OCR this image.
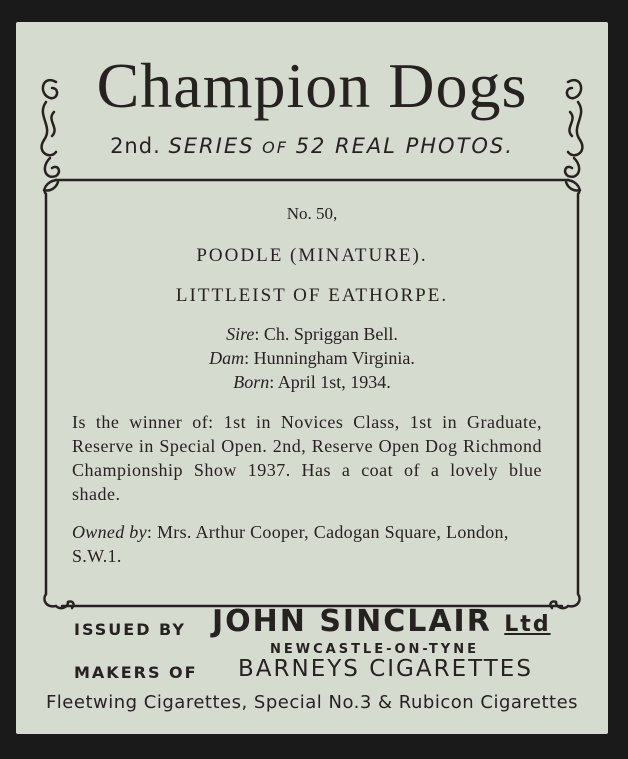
Champion Dogs
2nd. SERIES OF 52 REAL PHOTOS.
No. 50,
POODLE (MINATURE).
LITTLEIST OF EATHORPE.
Sire: Ch. Spriggan Bell.
Dam: Hunningham Virginia.
Born: April 1st, 1934.
Is the winner of: 1st in Novices Class, 1st in Graduate, Reserve in Special Open. 2nd, Reserve Open Dog Richmond Championship Show 1937. Has a coat of a lovely blue shade.
Owned by: Mrs. Arthur Cooper, Cadogan Square, London, S.W.1.
ISSUED BY JOHN SINCLAIR Ltd
NEWCASTLE-ON-TYNE
MAKERS OF BARNEYS CIGARETTES
Fleetwing Cigarettes, Special No.3 & Rubicon Cigarettes
